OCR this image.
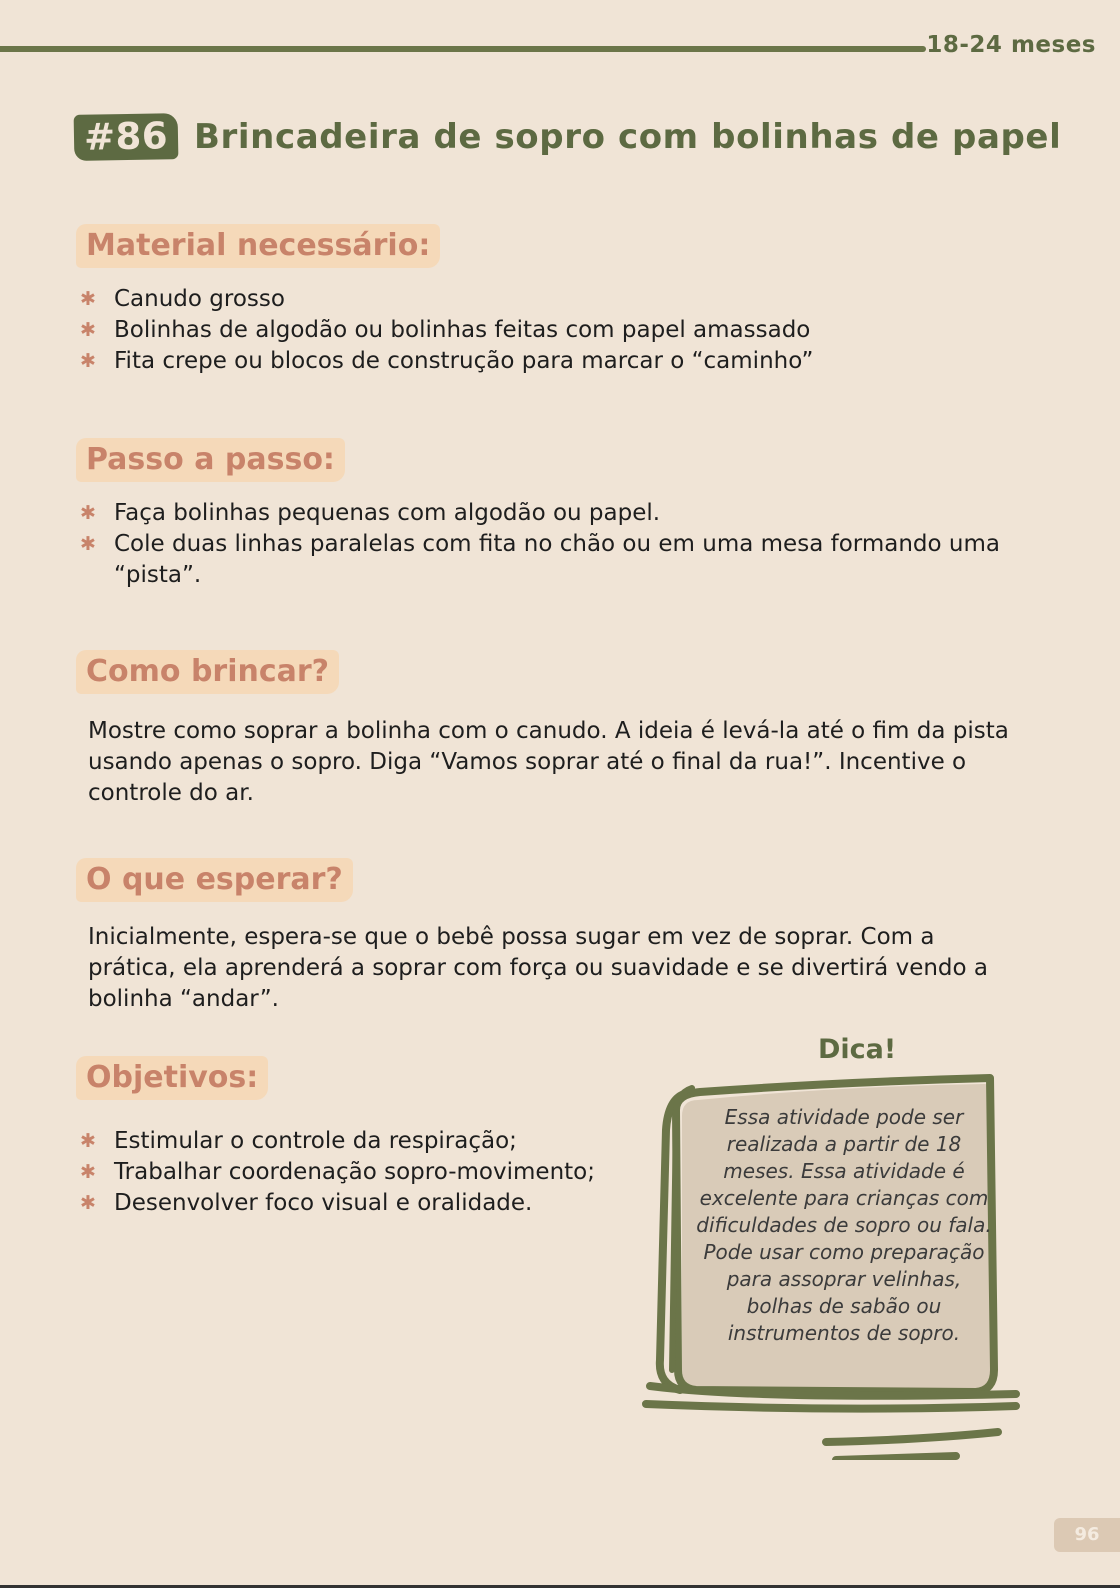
18-24 meses
#86 Brincadeira de sopro com bolinhas de papel
Material necessário:
✱ Canudo grosso
✱ Bolinhas de algodão ou bolinhas feitas com papel amassado
✱ Fita crepe ou blocos de construção para marcar o “caminho”
Passo a passo:
✱ Faça bolinhas pequenas com algodão ou papel.
✱ Cole duas linhas paralelas com fita no chão ou em uma mesa formando uma “pista”.
Como brincar?

Mostre como soprar a bolinha com o canudo. A ideia é levá-la até o fim da pista usando apenas o sopro. Diga “Vamos soprar até o final da rua!”. Incentive o controle do ar.

O que esperar?

Inicialmente, espera-se que o bebê possa sugar em vez de soprar. Com a prática, ela aprenderá a soprar com força ou suavidade e se divertirá vendo a bolinha “andar”.

Objetivos:
✱ Estimular o controle da respiração;
✱ Trabalhar coordenação sopro-movimento;
✱ Desenvolver foco visual e oralidade.
Dica!

Essa atividade pode ser realizada a partir de 18 meses. Essa atividade é excelente para crianças com dificuldades de sopro ou fala. Pode usar como preparação para assoprar velinhas, bolhas de sabão ou instrumentos de sopro.

96
